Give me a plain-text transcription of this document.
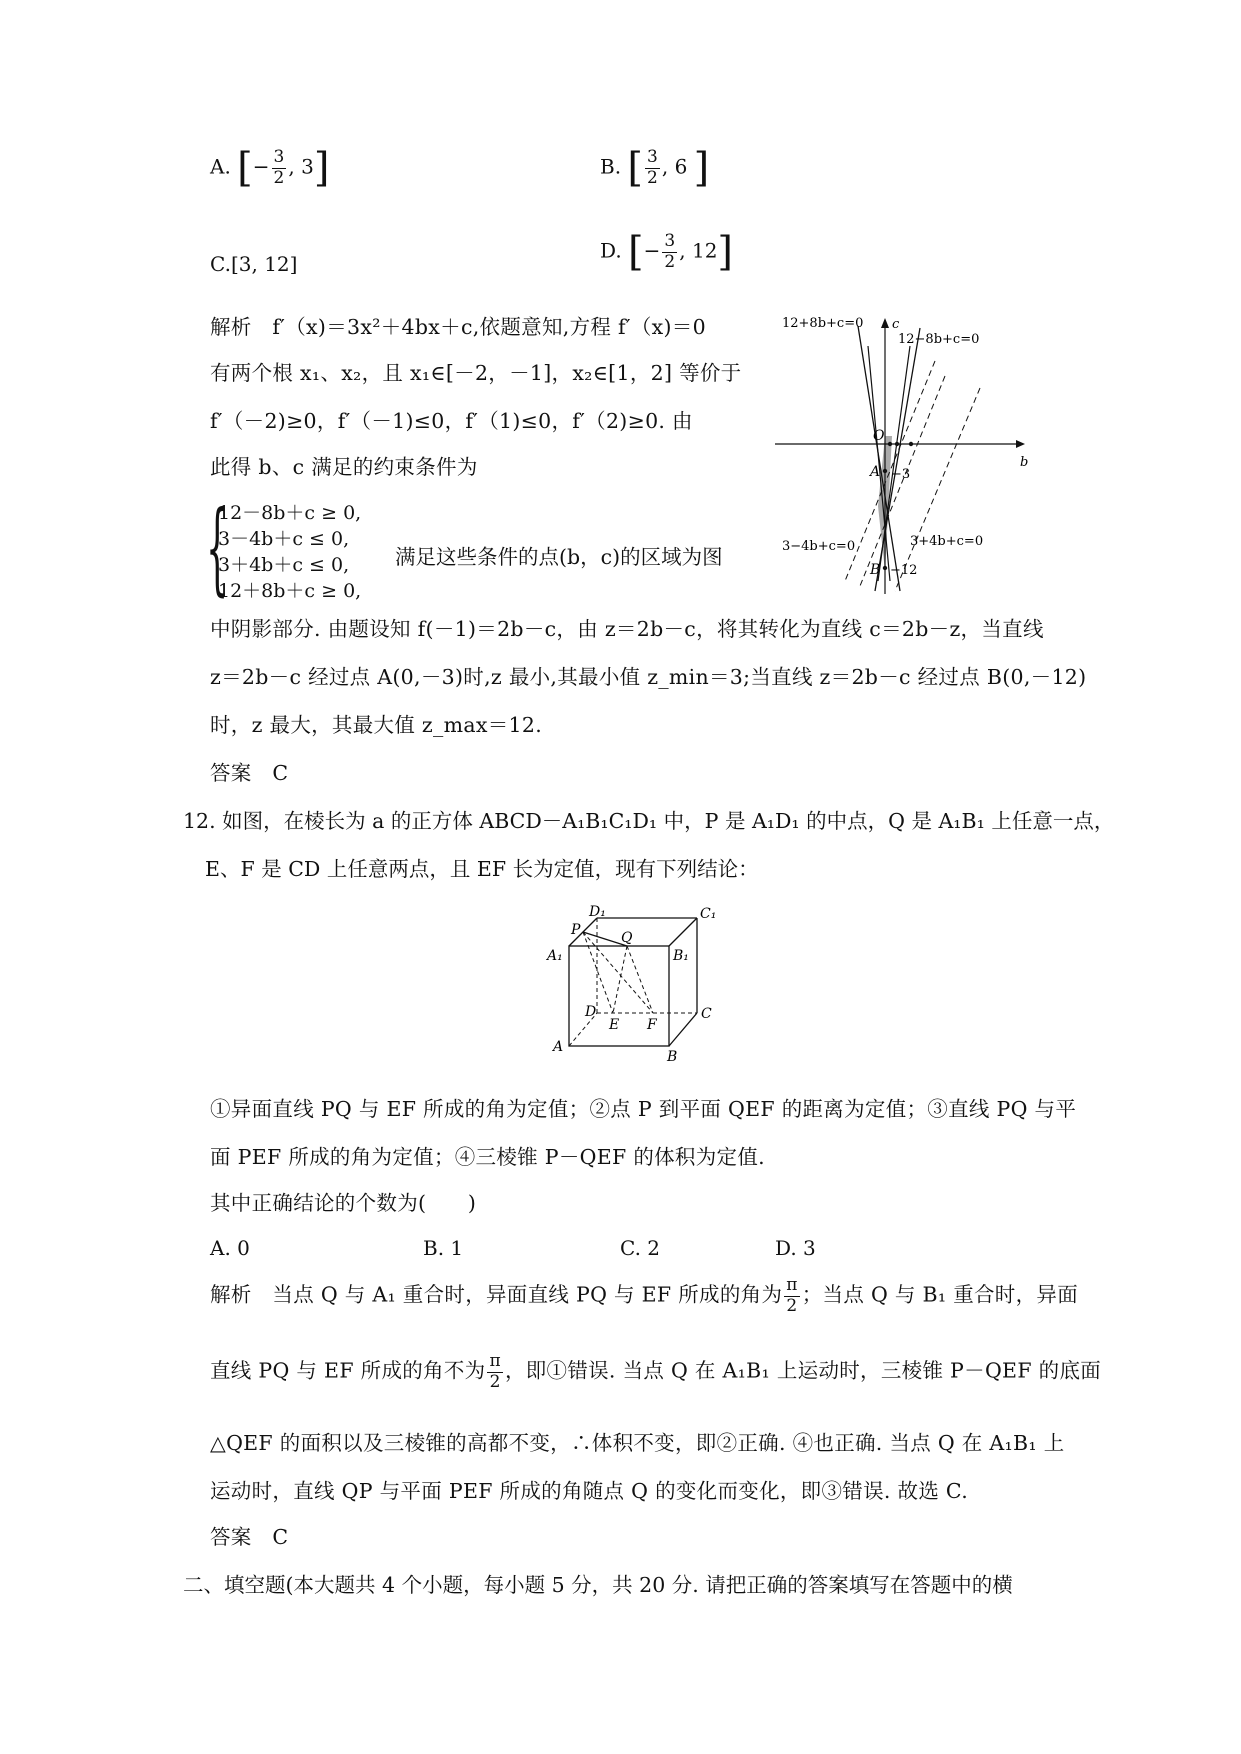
A. [− $\frac{3}{2}$ , 3]	B. [ $\frac{3}{2}$ , 6 ]
C.[3, 12]
D. [− $\frac{3}{2}$ , 12]
解析　f′（x)＝3x²＋4bx＋c,依题意知,方程 f′（x)＝0
有两个根 x₁、x₂，且 x₁∈[－2，－1]，x₂∈[1，2] 等价于
f′（－2)≥0，f′（－1)≤0，f′（1)≤0，f′（2)≥0. 由
此得 b、c 满足的约束条件为
{
12－8b＋c ≥ 0,
3－4b＋c ≤ 0,
3＋4b＋c ≤ 0,
12＋8b＋c ≥ 0,
满足这些条件的点(b，c)的区域为图
12+8b+c=0
12−8b+c=0
c
b
O
A −3
3−4b+c=0	3+4b+c=0
B −12
中阴影部分. 由题设知 f(－1)＝2b－c，由 z＝2b－c，将其转化为直线 c＝2b－z，当直线
z＝2b－c 经过点 A(0,－3)时,z 最小,其最小值 z_min＝3;当直线 z＝2b－c 经过点 B(0,－12)
时，z 最大，其最大值 z_max＝12.
答案　C
12. 如图，在棱长为 a 的正方体 ABCD－A₁B₁C₁D₁ 中，P 是 A₁D₁ 的中点，Q 是 A₁B₁ 上任意一点，
E、F 是 CD 上任意两点，且 EF 长为定值，现有下列结论：
D₁	C₁
P	Q
A₁	B₁
D
E F
C
A
B
①异面直线 PQ 与 EF 所成的角为定值；②点 P 到平面 QEF 的距离为定值；③直线 PQ 与平
面 PEF 所成的角为定值；④三棱锥 P－QEF 的体积为定值.
其中正确结论的个数为(　　)
A. 0	B. 1	C. 2	D. 3
解析　当点 Q 与 A₁ 重合时，异面直线 PQ 与 EF 所成的角为 $\frac{\pi}{2}$ ；当点 Q 与 B₁ 重合时，异面
直线 PQ 与 EF 所成的角不为 $\frac{\pi}{2}$ ，即①错误. 当点 Q 在 A₁B₁ 上运动时，三棱锥 P－QEF 的底面
△QEF 的面积以及三棱锥的高都不变，∴体积不变，即②正确. ④也正确. 当点 Q 在 A₁B₁ 上
运动时，直线 QP 与平面 PEF 所成的角随点 Q 的变化而变化，即③错误. 故选 C.
答案　C
二、填空题(本大题共 4 个小题，每小题 5 分，共 20 分. 请把正确的答案填写在答题中的横
